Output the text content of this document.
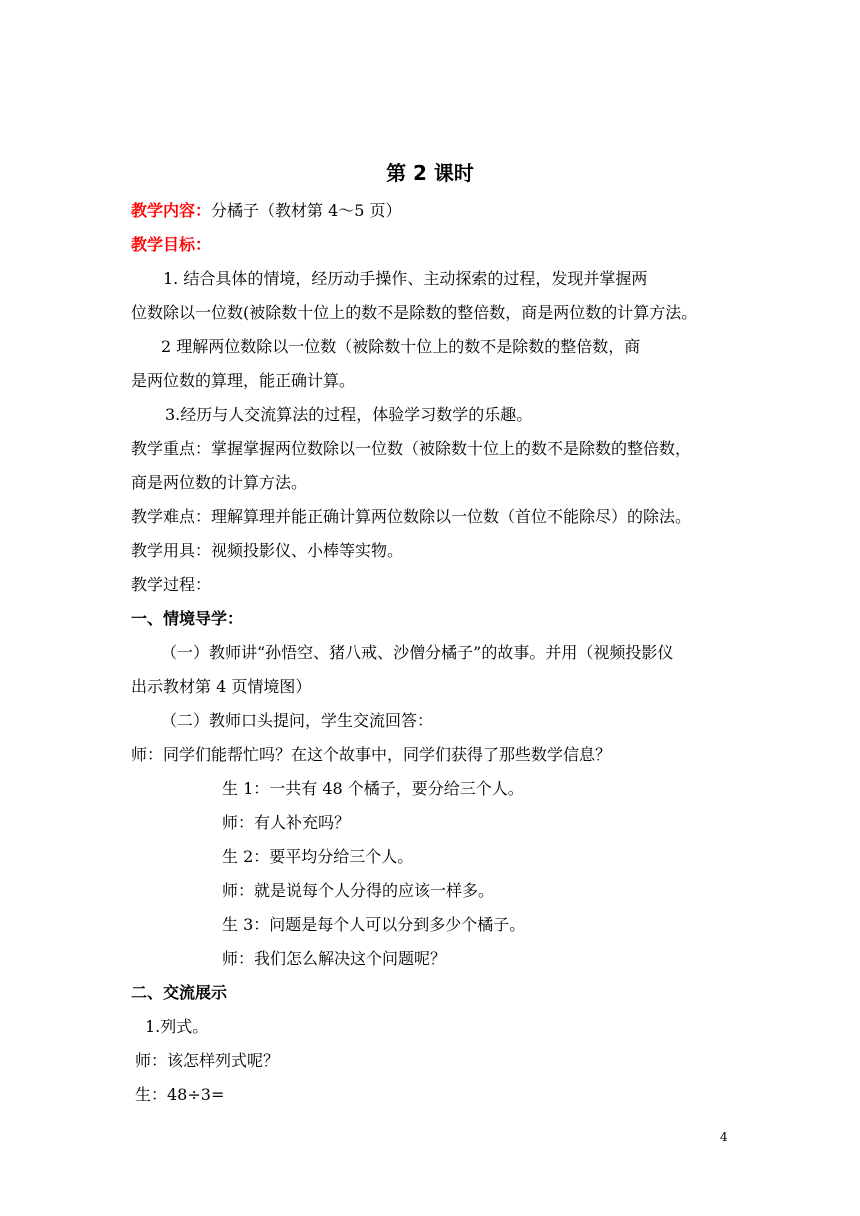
第 2 课时
教学内容：分橘子（教材第 4～5 页）
教学目标：
1. 结合具体的情境，经历动手操作、主动探索的过程，发现并掌握两
位数除以一位数(被除数十位上的数不是除数的整倍数，商是两位数的计算方法。
2 理解两位数除以一位数（被除数十位上的数不是除数的整倍数，商
是两位数的算理，能正确计算。
3.经历与人交流算法的过程，体验学习数学的乐趣。
教学重点：掌握掌握两位数除以一位数（被除数十位上的数不是除数的整倍数，
商是两位数的计算方法。
教学难点：理解算理并能正确计算两位数除以一位数（首位不能除尽）的除法。
教学用具：视频投影仪、小棒等实物。
教学过程：
一、情境导学：
（一）教师讲“孙悟空、猪八戒、沙僧分橘子”的故事。并用（视频投影仪
出示教材第 4 页情境图）
（二）教师口头提问，学生交流回答：
师：同学们能帮忙吗？在这个故事中，同学们获得了那些数学信息？
生 1：一共有 48 个橘子，要分给三个人。
师：有人补充吗？
生 2：要平均分给三个人。
师：就是说每个人分得的应该一样多。
生 3：问题是每个人可以分到多少个橘子。
师：我们怎么解决这个问题呢？
二、交流展示
1.列式。
师：该怎样列式呢？
生：48÷3=
4
